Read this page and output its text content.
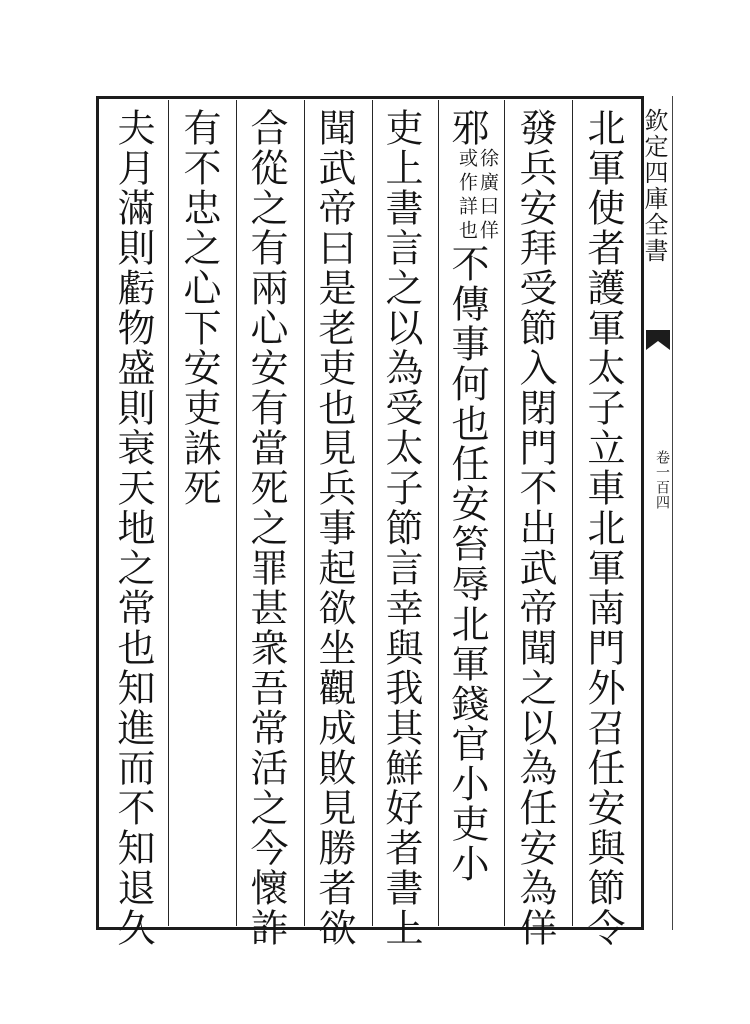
欽定四庫全書
卷一百四
北軍使者護軍太子立車北軍南門外召任安與節令
發兵安拜受節入閉門不出武帝聞之以為任安為佯
邪
徐廣曰佯
或作詳也
不傳事何也任安笞辱北軍錢官小吏小
吏上書言之以為受太子節言幸與我其鮮好者書上
聞武帝曰是老吏也見兵事起欲坐觀成敗見勝者欲
合從之有兩心安有當死之罪甚衆吾常活之今懷詐
有不忠之心下安吏誅死
夫月滿則虧物盛則衰天地之常也知進而不知退久
